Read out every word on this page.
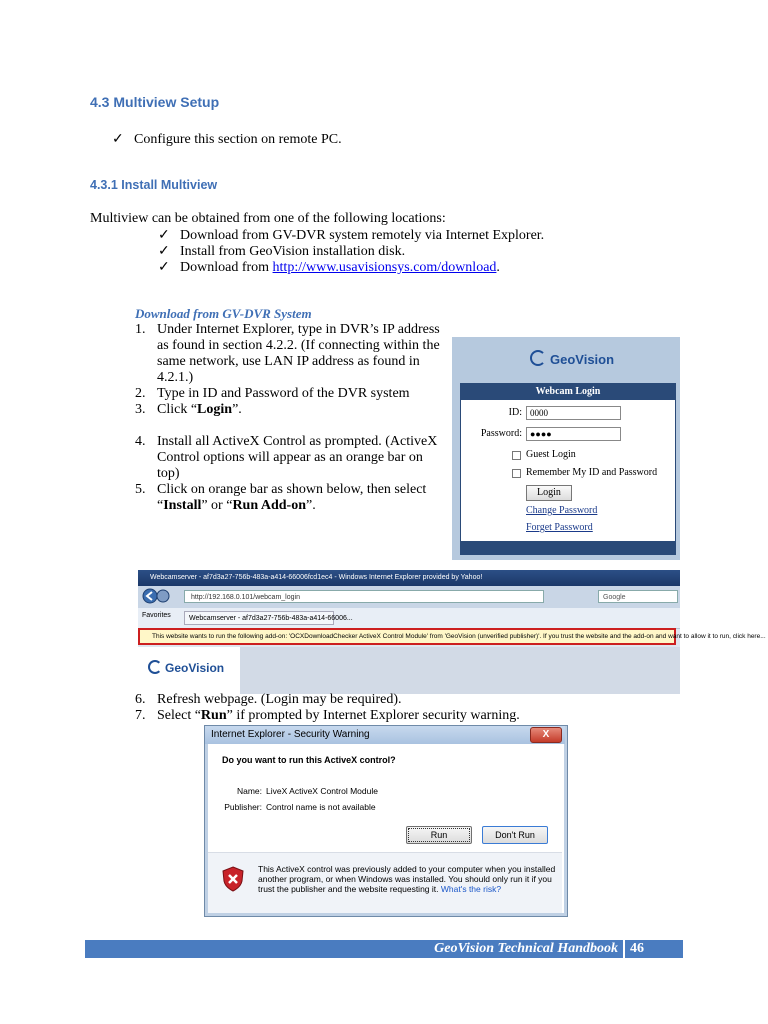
4.3 Multiview Setup
✓ Configure this section on remote PC.
4.3.1 Install Multiview
Multiview can be obtained from one of the following locations:
✓ Download from GV-DVR system remotely via Internet Explorer.
✓ Install from GeoVision installation disk.
✓ Download from http://www.usavisionsys.com/download.
Download from GV-DVR System
1. Under Internet Explorer, type in DVR’s IP address as found in section 4.2.2. (If connecting within the same network, use LAN IP address as found in 4.2.1.)
2. Type in ID and Password of the DVR system
3. Click “Login”.
4. Install all ActiveX Control as prompted. (ActiveX Control options will appear as an orange bar on top)
5. Click on orange bar as shown below, then select “Install” or “Run Add-on”.
GeoVision
Webcam Login
ID: 0000
Password: ●●●●
Guest Login
Remember My ID and Password
Login
Change Password
Forget Password
Webcamserver - af7d3a27-756b-483a-a414-66006fcd1ec4 - Windows Internet Explorer provided by Yahoo!
http://192.168.0.101/webcam_login	Google
Favorites	Webcamserver - af7d3a27-756b-483a-a414-66006...
This website wants to run the following add-on: 'OCXDownloadChecker ActiveX Control Module' from 'GeoVision (unverified publisher)'. If you trust the website and the add-on and want to allow it to run, click here...
GeoVision
6. Refresh webpage. (Login may be required).
7. Select “Run” if prompted by Internet Explorer security warning.
Internet Explorer - Security Warning	X
Do you want to run this ActiveX control?
Name: LiveX ActiveX Control Module
Publisher: Control name is not available
Run	Don't Run
This ActiveX control was previously added to your computer when you installed another program, or when Windows was installed. You should only run it if you trust the publisher and the website requesting it. What's the risk?
GeoVision Technical Handbook 46
